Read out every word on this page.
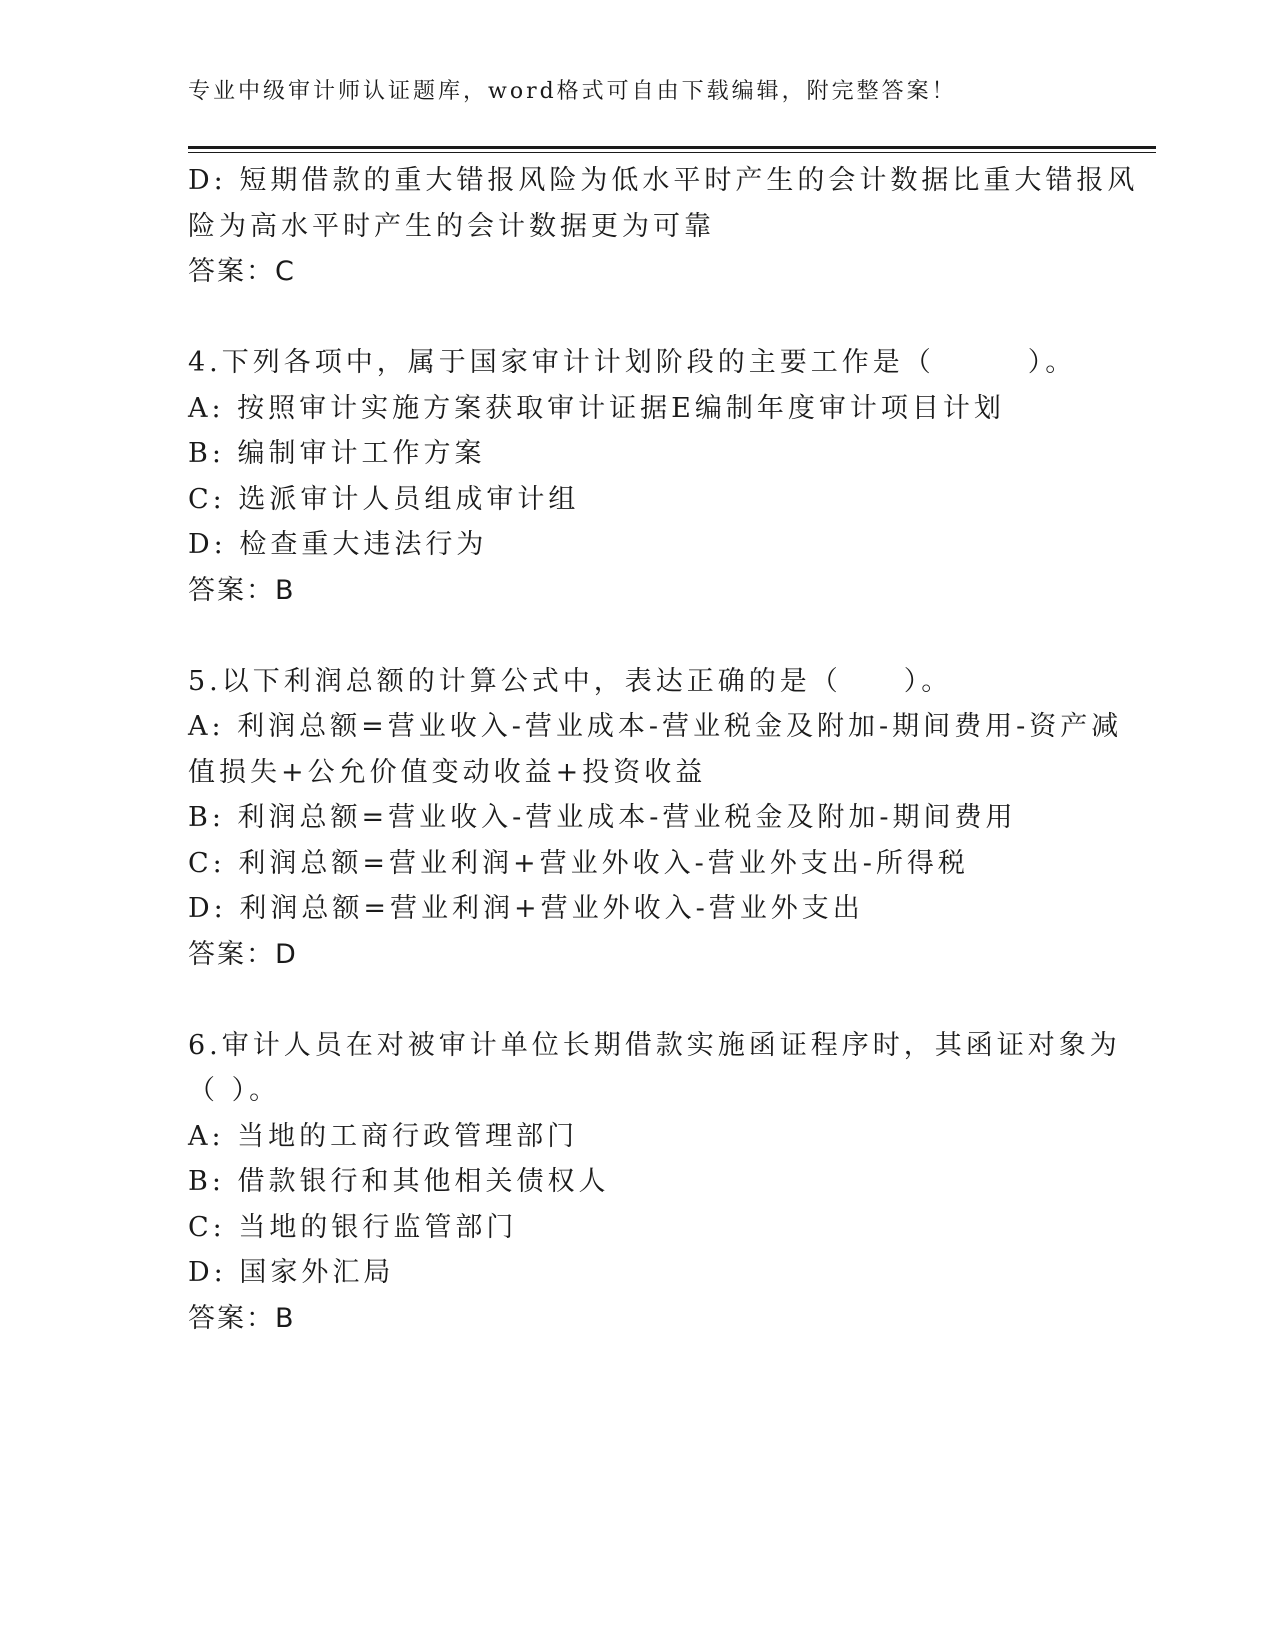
专业中级审计师认证题库，word格式可自由下载编辑，附完整答案！

D: 短期借款的重大错报风险为低水平时产生的会计数据比重大错报风

险为高水平时产生的会计数据更为可靠

答案：C

4.下列各项中，属于国家审计计划阶段的主要工作是（　　　）。

A: 按照审计实施方案获取审计证据E编制年度审计项目计划

B: 编制审计工作方案

C: 选派审计人员组成审计组

D: 检查重大违法行为

答案：B

5.以下利润总额的计算公式中，表达正确的是（　　）。

A: 利润总额=营业收入-营业成本-营业税金及附加-期间费用-资产减

值损失+公允价值变动收益+投资收益

B: 利润总额=营业收入-营业成本-营业税金及附加-期间费用

C: 利润总额=营业利润+营业外收入-营业外支出-所得税

D: 利润总额=营业利润+营业外收入-营业外支出

答案：D

6.审计人员在对被审计单位长期借款实施函证程序时，其函证对象为

（ ）。

A: 当地的工商行政管理部门

B: 借款银行和其他相关债权人

C: 当地的银行监管部门

D: 国家外汇局

答案：B
